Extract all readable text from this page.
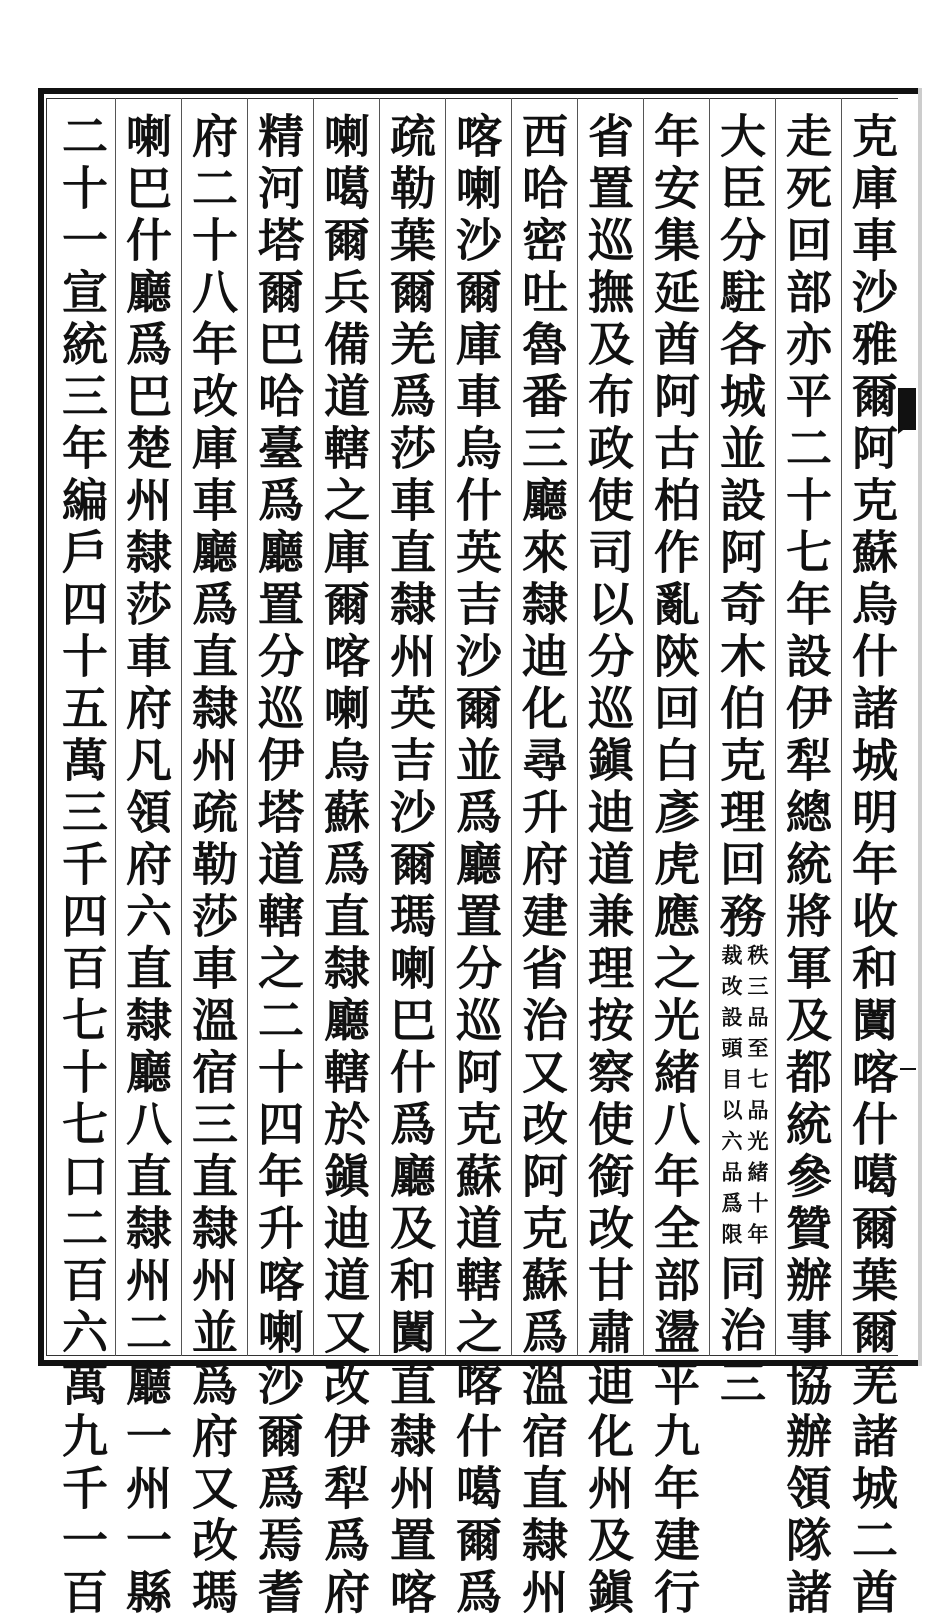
克庫車沙雅爾阿克蘇烏什諸城明年收和闐喀什噶爾葉爾羌諸城二酋
走死回部亦平二十七年設伊犁總統將軍及都統參贊辦事協辦領隊諸
大臣分駐各城並設阿奇木伯克理回務秩三品至七品光緒十年
裁改設頭目以六品爲限同治三
年安集延酋阿古柏作亂陝回白彥虎應之光緒八年全部盪平九年建行
省置巡撫及布政使司以分巡鎭迪道兼理按察使銜改甘肅迪化州及鎭
西哈密吐魯番三廳來隸迪化尋升府建省治又改阿克蘇爲溫宿直隸州
喀喇沙爾庫車烏什英吉沙爾並爲廳置分巡阿克蘇道轄之喀什噶爾爲
疏勒葉爾羌爲莎車直隸州英吉沙爾瑪喇巴什爲廳及和闐直隸州置喀
喇噶爾兵備道轄之庫爾喀喇烏蘇爲直隸廳轄於鎭迪道又改伊犁爲府
精河塔爾巴哈臺爲廳置分巡伊塔道轄之二十四年升喀喇沙爾爲焉耆
府二十八年改庫車廳爲直隸州疏勒莎車溫宿三直隸州並爲府又改瑪
喇巴什廳爲巴楚州隸莎車府凡領府六直隸廳八直隸州二廳一州一縣
二十一宣統三年編戶四十五萬三千四百七十七口二百六萬九千一百
